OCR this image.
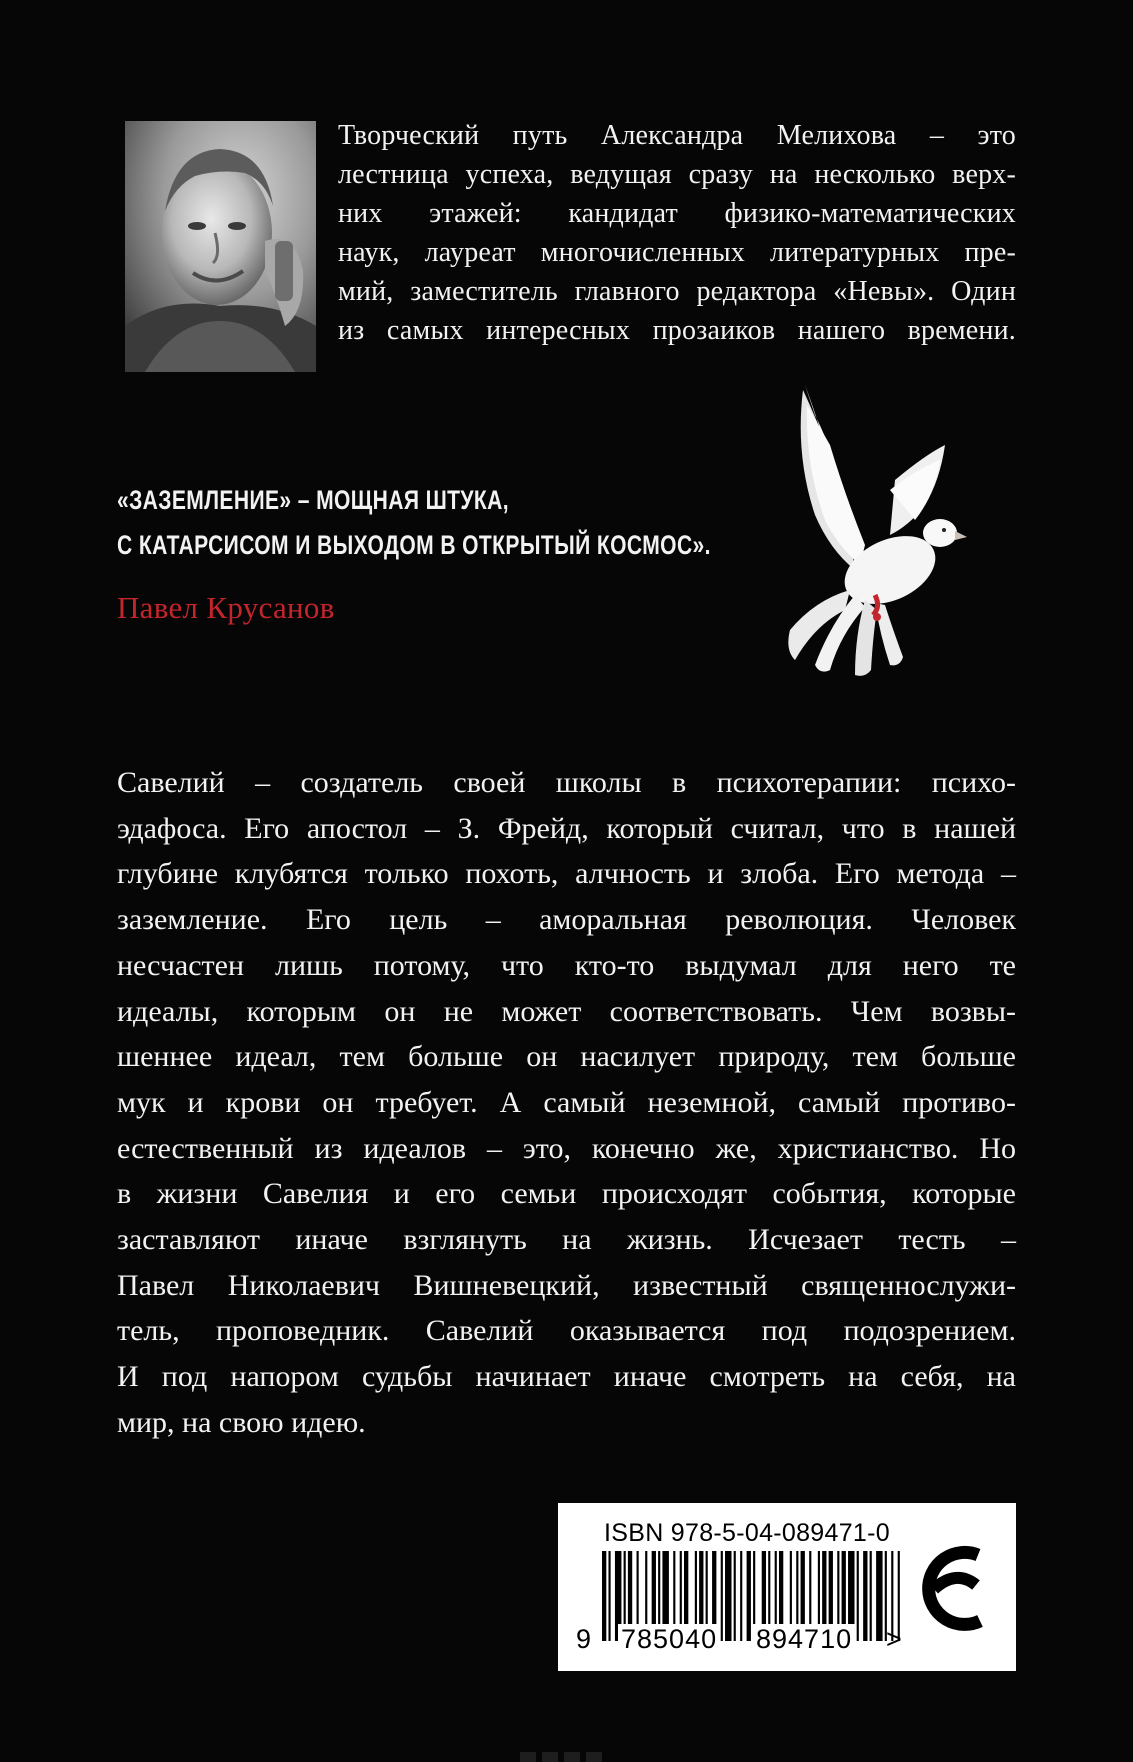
Творческий путь Александра Мелихова – это
лестница успеха, ведущая сразу на несколько верх-
них этажей: кандидат физико-математических
наук, лауреат многочисленных литературных пре-
мий, заместитель главного редактора «Невы». Один
из самых интересных прозаиков нашего времени.
«ЗАЗЕМЛЕНИЕ» – МОЩНАЯ ШТУКА,
С КАТАРСИСОМ И ВЫХОДОМ В ОТКРЫТЫЙ КОСМОС».
Павел Крусанов
Савелий – создатель своей школы в психотерапии: психо-
эдафоса. Его апостол – З. Фрейд, который считал, что в нашей
глубине клубятся только похоть, алчность и злоба. Его метода –
заземление. Его цель – аморальная революция. Человек
несчастен лишь потому, что кто-то выдумал для него те
идеалы, которым он не может соответствовать. Чем возвы-
шеннее идеал, тем больше он насилует природу, тем больше
мук и крови он требует. А самый неземной, самый противо-
естественный из идеалов – это, конечно же, христианство. Но
в жизни Савелия и его семьи происходят события, которые
заставляют иначе взглянуть на жизнь. Исчезает тесть –
Павел Николаевич Вишневецкий, известный священнослужи-
тель, проповедник. Савелий оказывается под подозрением.
И под напором судьбы начинает иначе смотреть на себя, на
мир, на свою идею.
ISBN 978-5-04-089471-0
9 785040 894710 >
